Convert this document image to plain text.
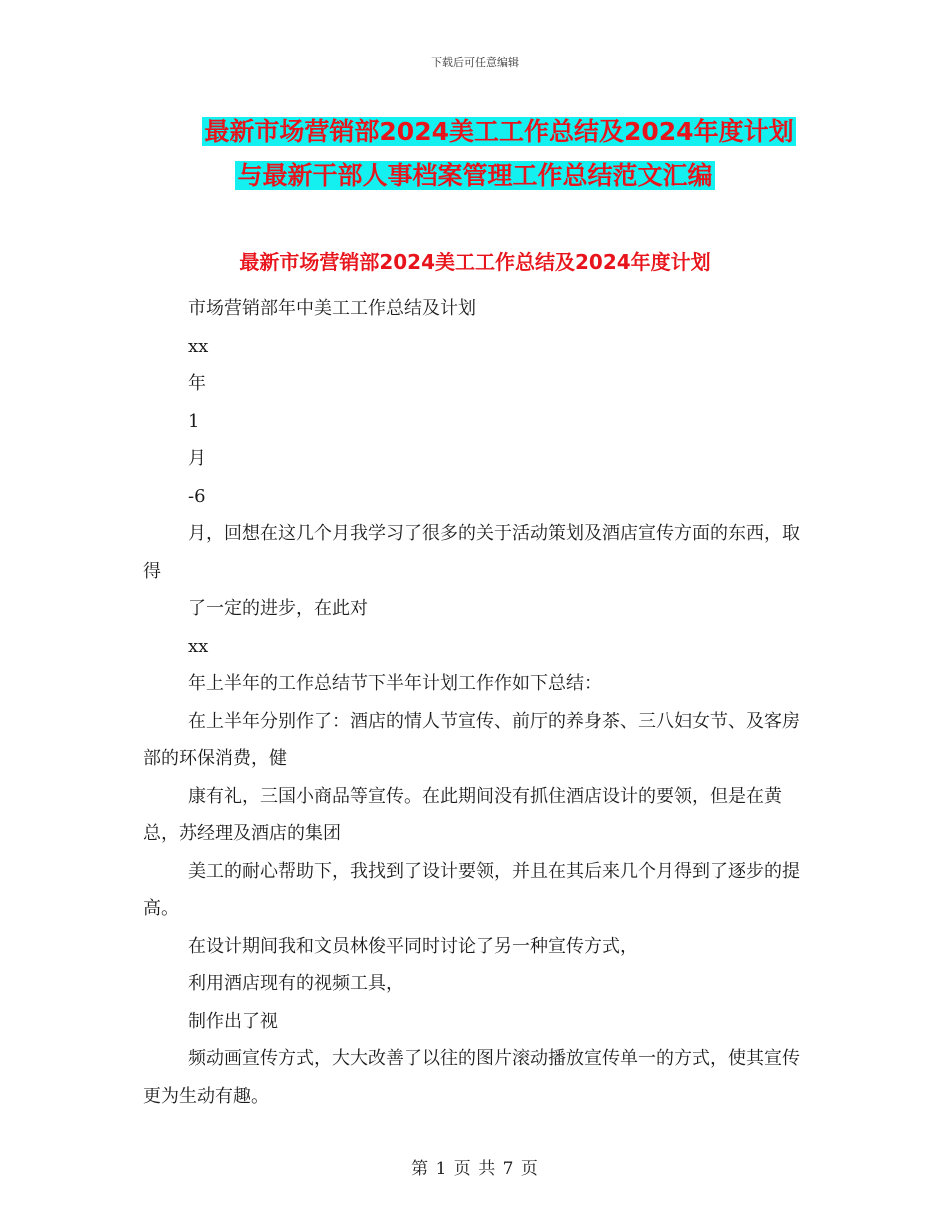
下载后可任意编辑
最新市场营销部2024美工工作总结及2024年度计划
与最新干部人事档案管理工作总结范文汇编
最新市场营销部2024美工工作总结及2024年度计划

市场营销部年中美工工作总结及计划

xx

年

1

月

-6

月，回想在这几个月我学习了很多的关于活动策划及酒店宣传方面的东西，取得

了一定的进步，在此对

xx

年上半年的工作总结节下半年计划工作作如下总结：

在上半年分别作了：酒店的情人节宣传、前厅的养身茶、三八妇女节、及客房部的环保消费，健

康有礼，三国小商品等宣传。在此期间没有抓住酒店设计的要领，但是在黄总，苏经理及酒店的集团

美工的耐心帮助下，我找到了设计要领，并且在其后来几个月得到了逐步的提高。

在设计期间我和文员林俊平同时讨论了另一种宣传方式，

利用酒店现有的视频工具，

制作出了视

频动画宣传方式，大大改善了以往的图片滚动播放宣传单一的方式，使其宣传更为生动有趣。

第 1 页 共 7 页
